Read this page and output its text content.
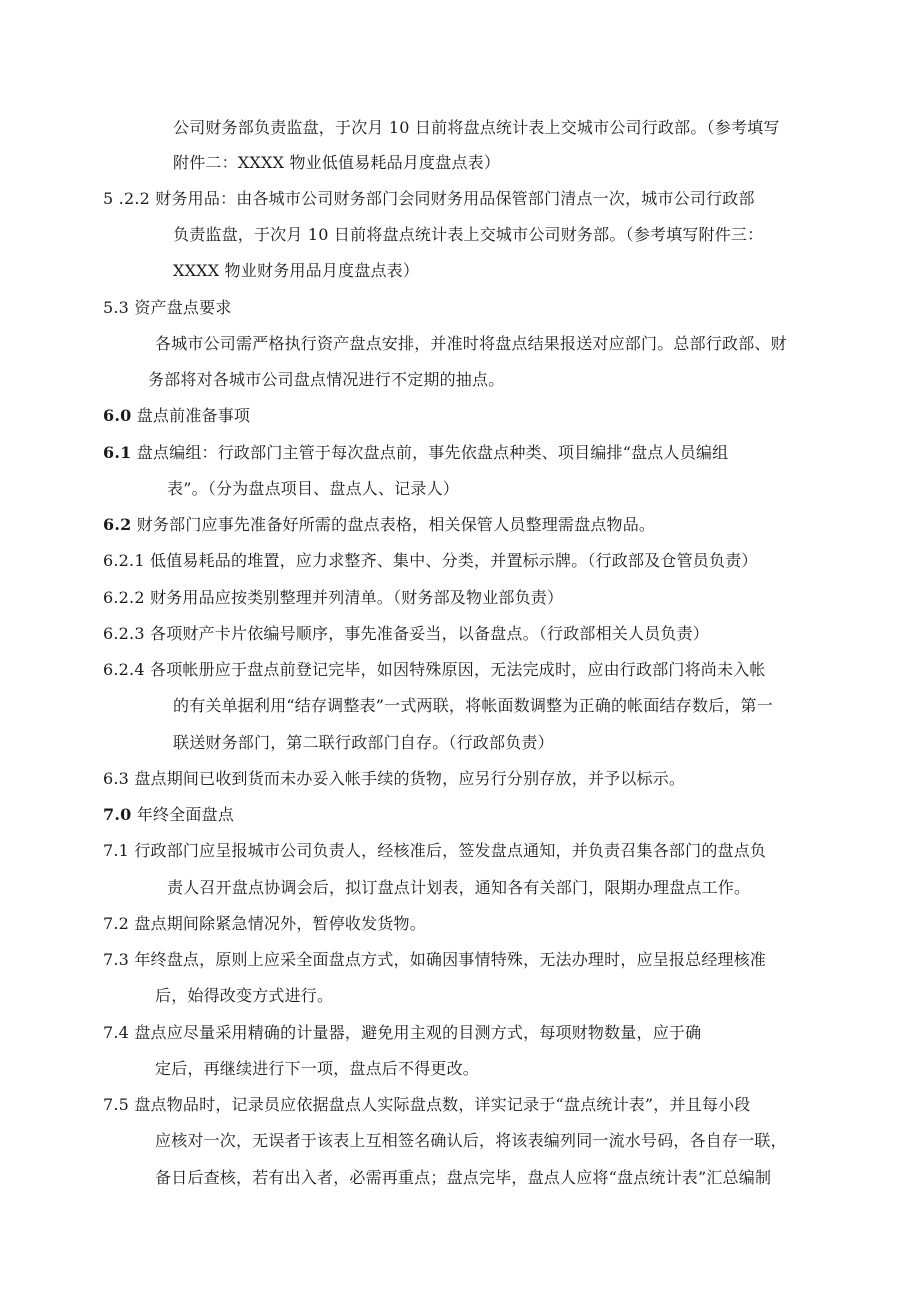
公司财务部负责监盘，于次月 10 日前将盘点统计表上交城市公司行政部。（参考填写
附件二：XXXX 物业低值易耗品月度盘点表）
5 .2.2 财务用品：由各城市公司财务部门会同财务用品保管部门清点一次，城市公司行政部
负责监盘，于次月 10 日前将盘点统计表上交城市公司财务部。（参考填写附件三：
XXXX 物业财务用品月度盘点表）
5.3 资产盘点要求
各城市公司需严格执行资产盘点安排，并准时将盘点结果报送对应部门。总部行政部、财
务部将对各城市公司盘点情况进行不定期的抽点。
6.0 盘点前准备事项
6.1 盘点编组：行政部门主管于每次盘点前，事先依盘点种类、项目编排“盘点人员编组
表”。（分为盘点项目、盘点人、记录人）
6.2 财务部门应事先准备好所需的盘点表格，相关保管人员整理需盘点物品。
6.2.1 低值易耗品的堆置，应力求整齐、集中、分类，并置标示牌。（行政部及仓管员负责）
6.2.2 财务用品应按类别整理并列清单。（财务部及物业部负责）
6.2.3 各项财产卡片依编号顺序，事先准备妥当，以备盘点。（行政部相关人员负责）
6.2.4 各项帐册应于盘点前登记完毕，如因特殊原因，无法完成时，应由行政部门将尚未入帐
的有关单据利用“结存调整表”一式两联，将帐面数调整为正确的帐面结存数后，第一
联送财务部门，第二联行政部门自存。（行政部负责）
6.3 盘点期间已收到货而未办妥入帐手续的货物，应另行分别存放，并予以标示。
7.0 年终全面盘点
7.1 行政部门应呈报城市公司负责人，经核准后，签发盘点通知，并负责召集各部门的盘点负
责人召开盘点协调会后，拟订盘点计划表，通知各有关部门，限期办理盘点工作。
7.2 盘点期间除紧急情况外，暂停收发货物。
7.3 年终盘点，原则上应采全面盘点方式，如确因事情特殊，无法办理时，应呈报总经理核准
后，始得改变方式进行。
7.4 盘点应尽量采用精确的计量器，避免用主观的目测方式，每项财物数量，应于确
定后，再继续进行下一项，盘点后不得更改。
7.5 盘点物品时，记录员应依据盘点人实际盘点数，详实记录于“盘点统计表”，并且每小段
应核对一次，无误者于该表上互相签名确认后，将该表编列同一流水号码，各自存一联，
备日后查核，若有出入者，必需再重点；盘点完毕，盘点人应将“盘点统计表”汇总编制
